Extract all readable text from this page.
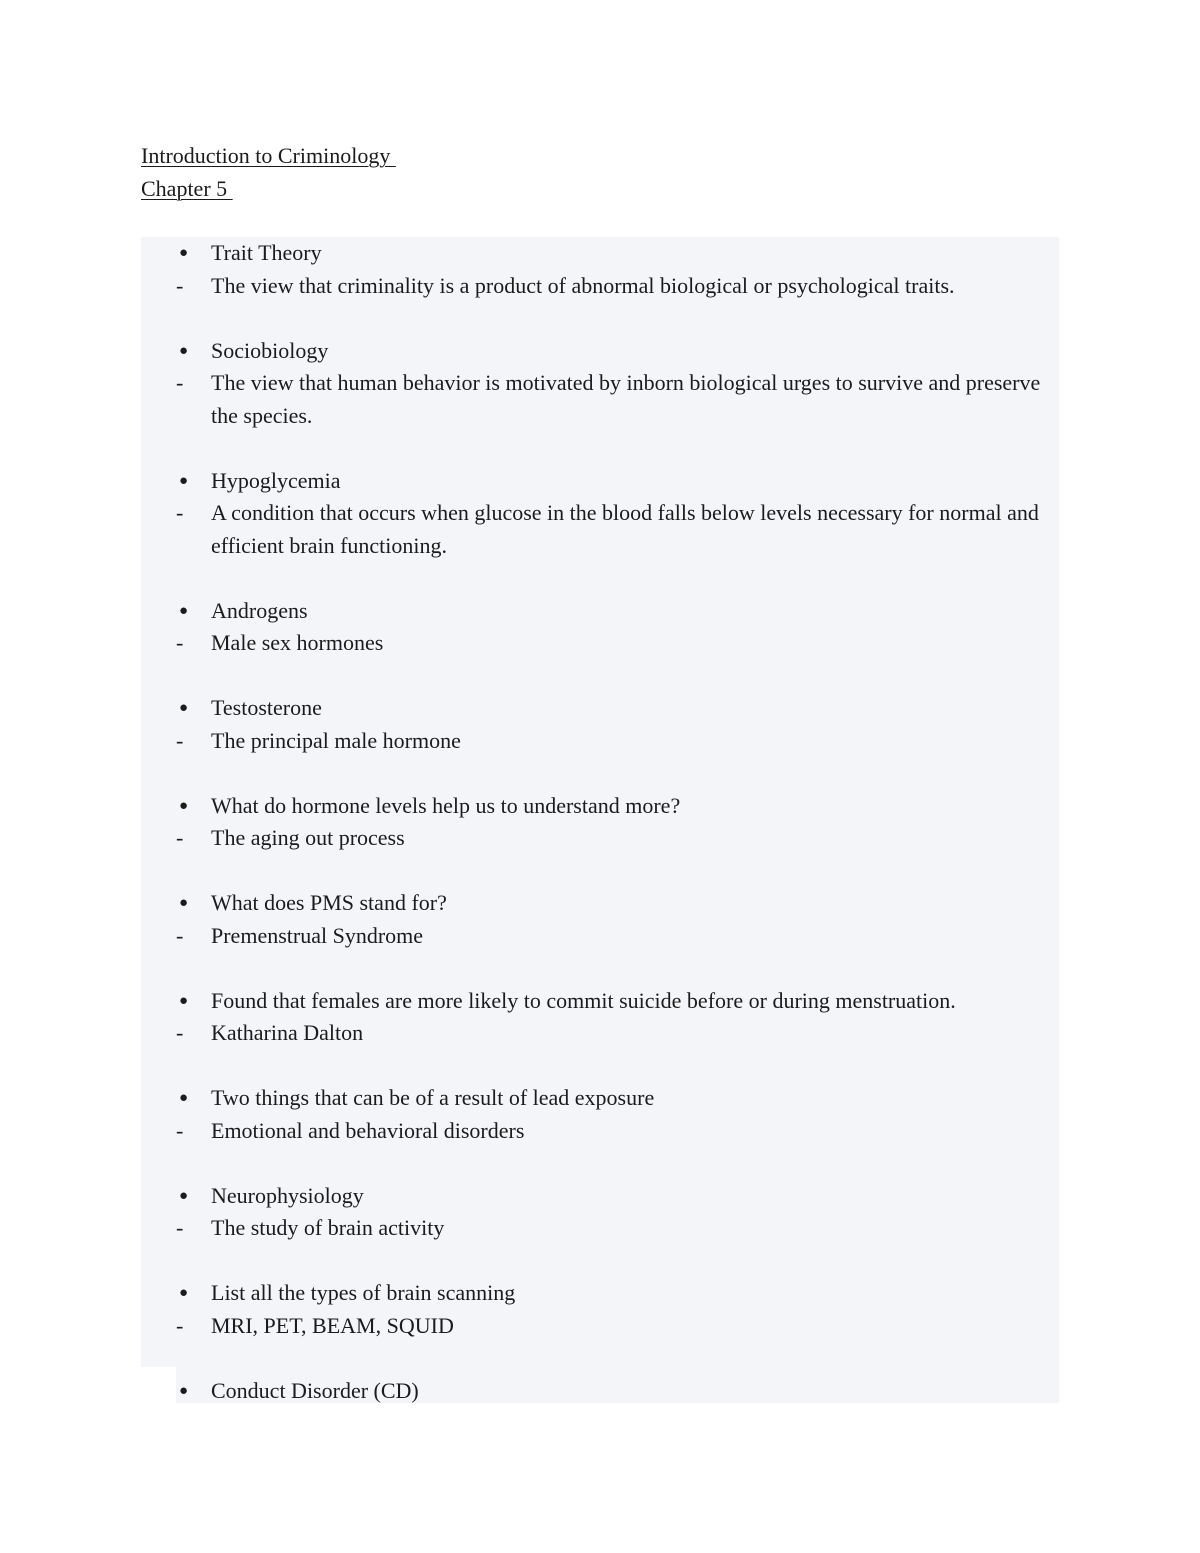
Introduction to Criminology
Chapter 5
● Trait Theory
- The view that criminality is a product of abnormal biological or psychological traits.
● Sociobiology
- The view that human behavior is motivated by inborn biological urges to survive and preserve the species.
● Hypoglycemia
- A condition that occurs when glucose in the blood falls below levels necessary for normal and efficient brain functioning.
● Androgens
- Male sex hormones
● Testosterone
- The principal male hormone
● What do hormone levels help us to understand more?
- The aging out process
● What does PMS stand for?
- Premenstrual Syndrome
● Found that females are more likely to commit suicide before or during menstruation.
- Katharina Dalton
● Two things that can be of a result of lead exposure
- Emotional and behavioral disorders
● Neurophysiology
- The study of brain activity
● List all the types of brain scanning
- MRI, PET, BEAM, SQUID
● Conduct Disorder (CD)
